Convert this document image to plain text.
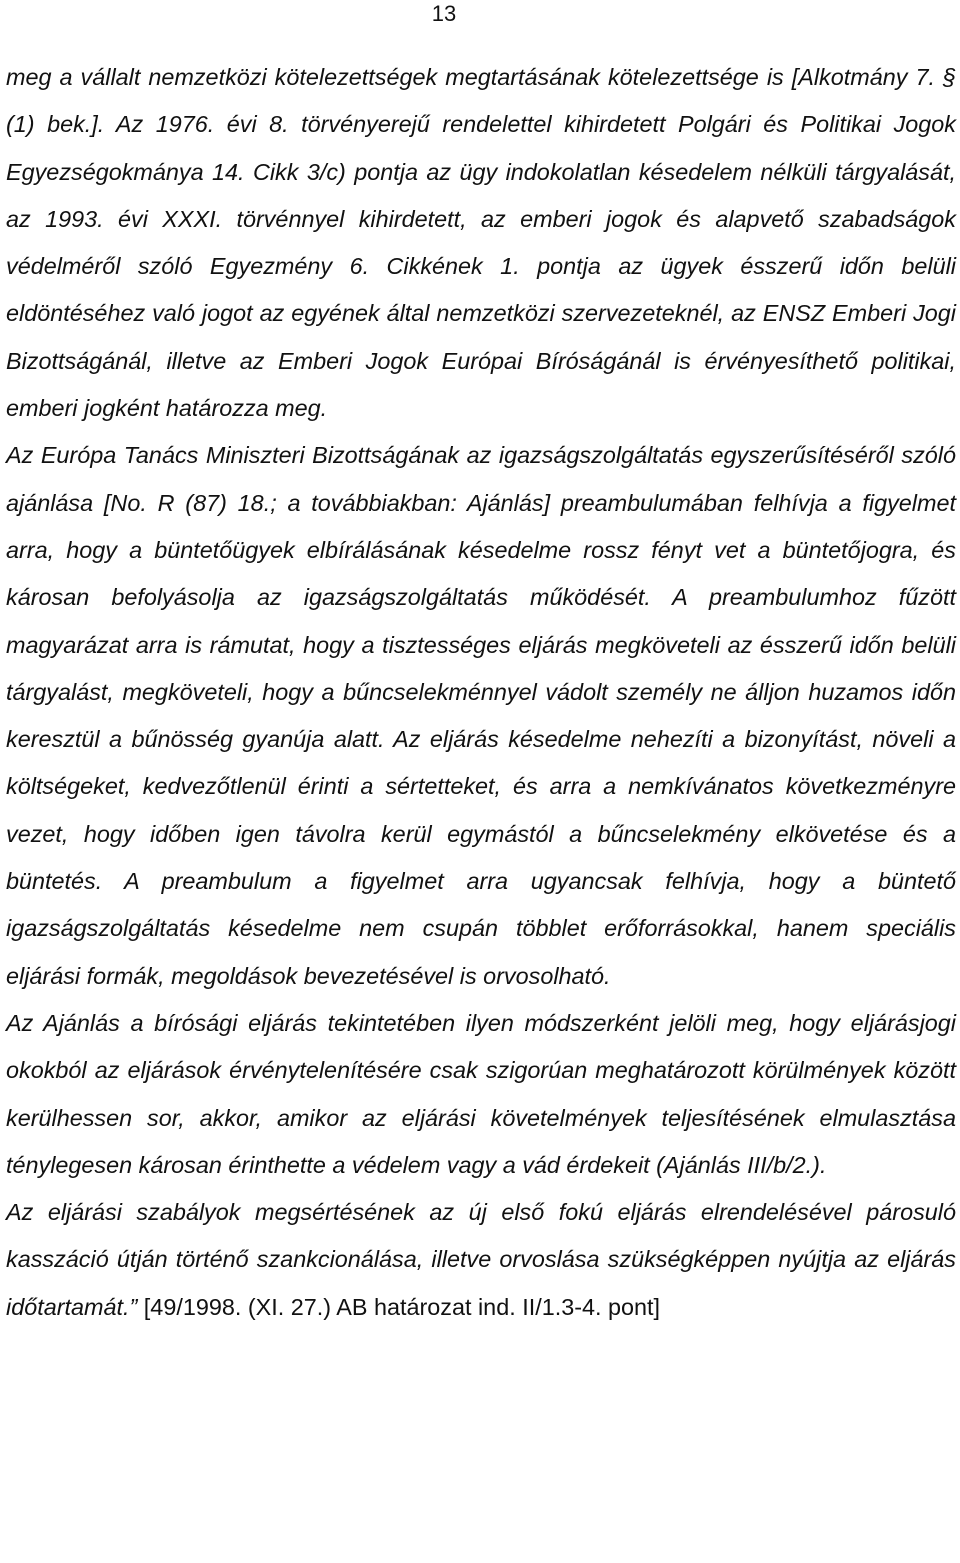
13

meg a vállalt nemzetközi kötelezettségek megtartásának kötelezettsége is [Alkotmány 7. § (1) bek.]. Az 1976. évi 8. törvényerejű rendelettel kihirdetett Polgári és Politikai Jogok Egyezségokmánya 14. Cikk 3/c) pontja az ügy indokolatlan késedelem nélküli tárgyalását, az 1993. évi XXXI. törvénnyel kihirdetett, az emberi jogok és alapvető szabadságok védelméről szóló Egyezmény 6. Cikkének 1. pontja az ügyek ésszerű időn belüli eldöntéséhez való jogot az egyének által nemzetközi szervezeteknél, az ENSZ Emberi Jogi Bizottságánál, illetve az Emberi Jogok Európai Bíróságánál is érvényesíthető politikai, emberi jogként határozza meg.

Az Európa Tanács Miniszteri Bizottságának az igazságszolgáltatás egyszerűsítéséről szóló ajánlása [No. R (87) 18.; a továbbiakban: Ajánlás] preambulumában felhívja a figyelmet arra, hogy a büntetőügyek elbírálásának késedelme rossz fényt vet a büntetőjogra, és károsan befolyásolja az igazságszolgáltatás működését. A preambulumhoz fűzött magyarázat arra is rámutat, hogy a tisztességes eljárás megköveteli az ésszerű időn belüli tárgyalást, megköveteli, hogy a bűncselekménnyel vádolt személy ne álljon huzamos időn keresztül a bűnösség gyanúja alatt. Az eljárás késedelme nehezíti a bizonyítást, növeli a költségeket, kedvezőtlenül érinti a sértetteket, és arra a nemkívánatos következményre vezet, hogy időben igen távolra kerül egymástól a bűncselekmény elkövetése és a büntetés. A preambulum a figyelmet arra ugyancsak felhívja, hogy a büntető igazságszolgáltatás késedelme nem csupán többlet erőforrásokkal, hanem speciális eljárási formák, megoldások bevezetésével is orvosolható.

Az Ajánlás a bírósági eljárás tekintetében ilyen módszerként jelöli meg, hogy eljárásjogi okokból az eljárások érvénytelenítésére csak szigorúan meghatározott körülmények között kerülhessen sor, akkor, amikor az eljárási követelmények teljesítésének elmulasztása ténylegesen károsan érinthette a védelem vagy a vád érdekeit (Ajánlás III/b/2.).

Az eljárási szabályok megsértésének az új első fokú eljárás elrendelésével párosuló kasszáció útján történő szankcionálása, illetve orvoslása szükségképpen nyújtja az eljárás időtartamát.” [49/1998. (XI. 27.) AB határozat ind. II/1.3-4. pont]
